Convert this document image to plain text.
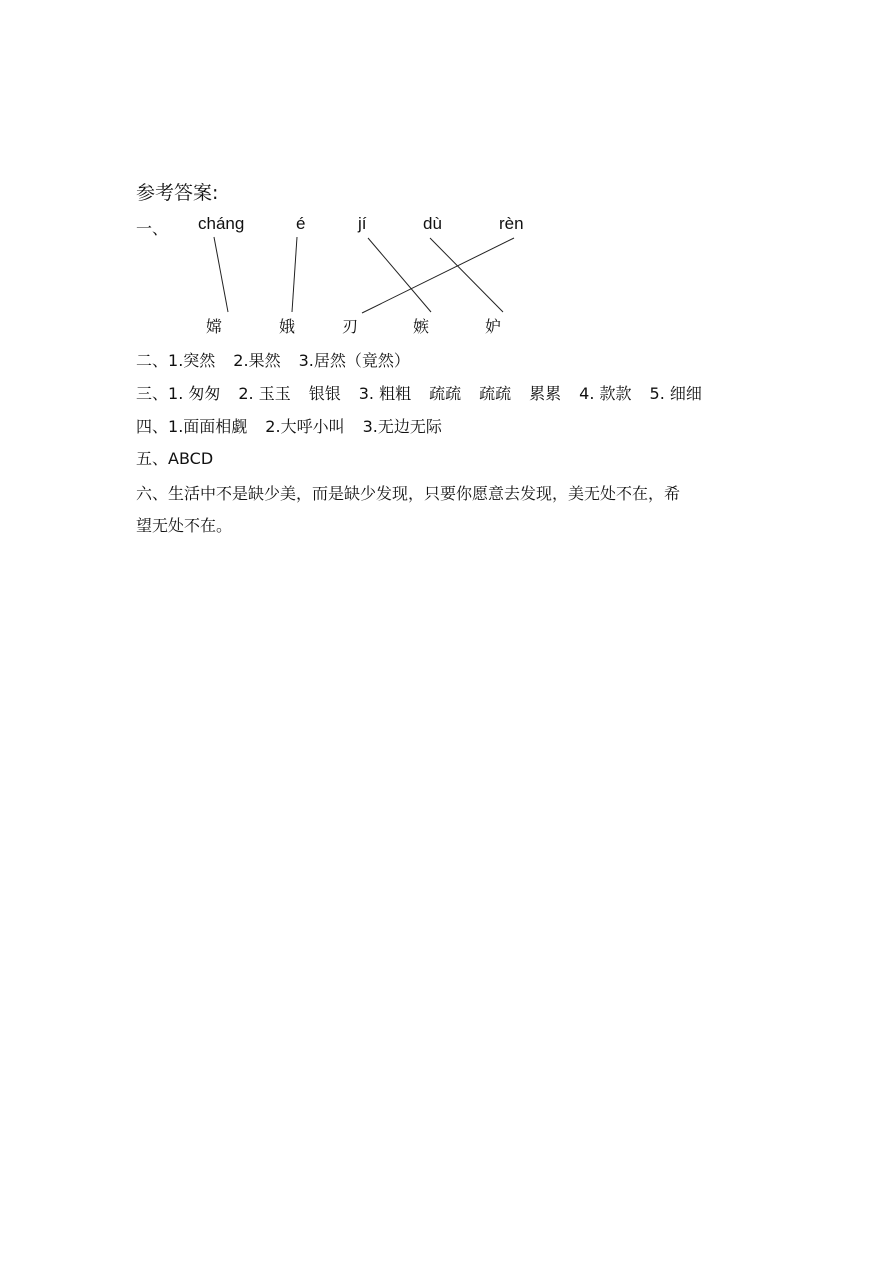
参考答案:
一、 cháng	é	jí	dù	rèn
嫦	娥	刃	嫉	妒
二、1.突然 2.果然 3.居然（竟然）
三、1. 匆匆 2. 玉玉 银银 3. 粗粗 疏疏 疏疏 累累 4. 款款 5. 细细
四、1.面面相觑 2.大呼小叫 3.无边无际
五、ABCD
六、生活中不是缺少美，而是缺少发现，只要你愿意去发现，美无处不在，希
望无处不在。
